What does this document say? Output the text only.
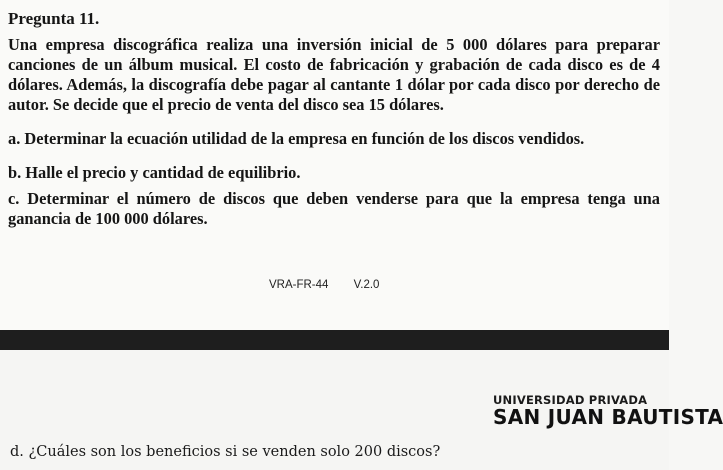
Pregunta 11.

Una empresa discográfica realiza una inversión inicial de 5 000 dólares para preparar canciones de un álbum musical. El costo de fabricación y grabación de cada disco es de 4 dólares. Además, la discografía debe pagar al cantante 1 dólar por cada disco por derecho de autor. Se decide que el precio de venta del disco sea 15 dólares.

a. Determinar la ecuación utilidad de la empresa en función de los discos vendidos.

b. Halle el precio y cantidad de equilibrio.

c. Determinar el número de discos que deben venderse para que la empresa tenga una ganancia de 100 000 dólares.

VRA-FR-44 V.2.0
UNIVERSIDAD PRIVADA
SAN JUAN BAUTISTA

d. ¿Cuáles son los beneficios si se venden solo 200 discos?
